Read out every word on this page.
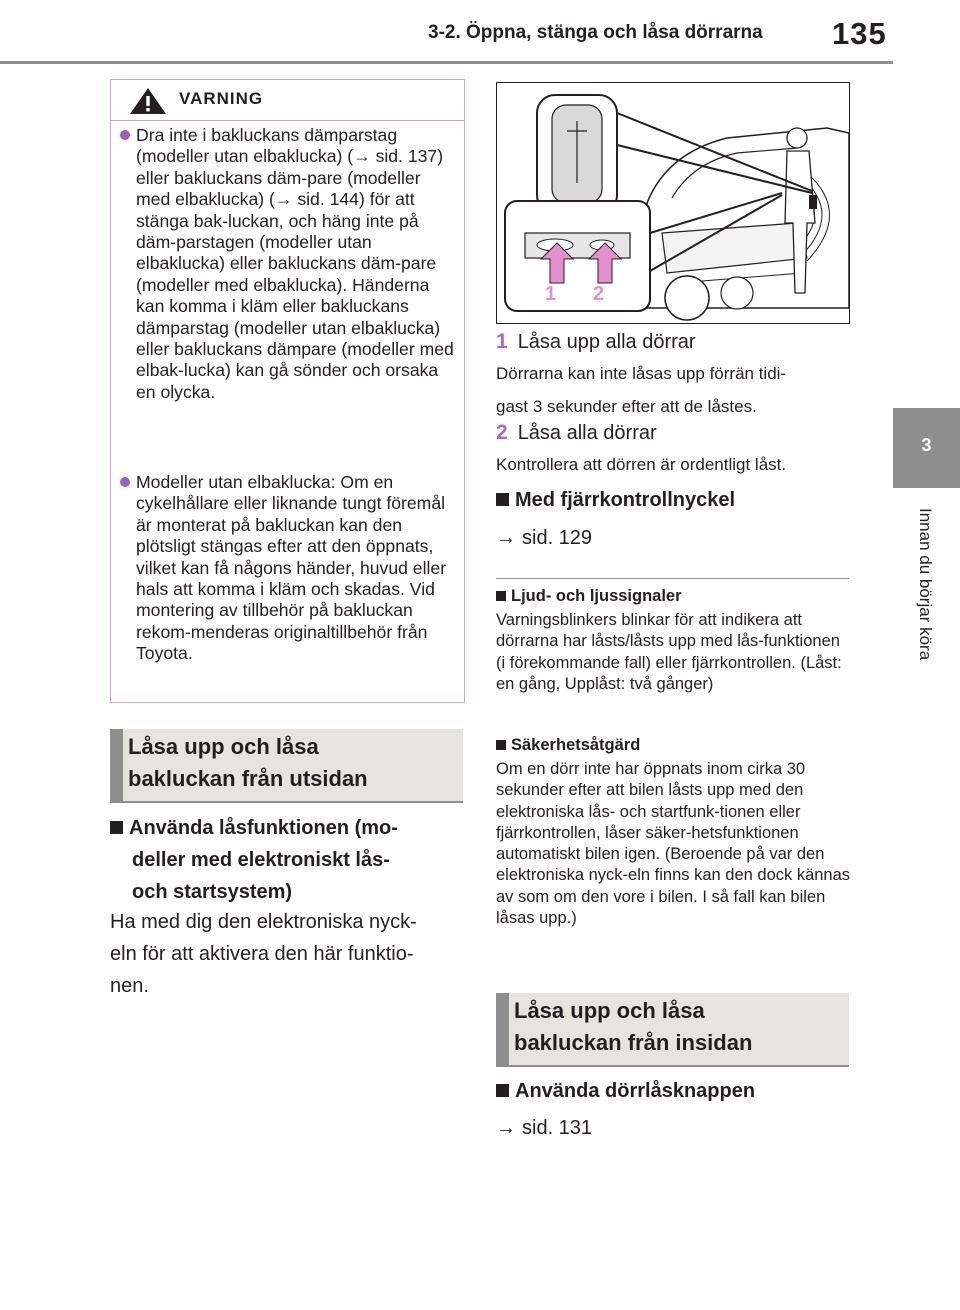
3-2. Öppna, stänga och låsa dörrarna 135
3
Innan du börjar köra
VARNING
Dra inte i bakluckans dämparstag (modeller utan elbaklucka) (→ sid. 137) eller bakluckans däm-pare (modeller med elbaklucka) (→ sid. 144) för att stänga bak-luckan, och häng inte på däm-parstagen (modeller utan elbaklucka) eller bakluckans däm-pare (modeller med elbaklucka). Händerna kan komma i kläm eller bakluckans dämparstag (modeller utan elbaklucka) eller bakluckans dämpare (modeller med elbak-lucka) kan gå sönder och orsaka en olycka.
Modeller utan elbaklucka: Om en cykelhållare eller liknande tungt föremål är monterat på bakluckan kan den plötsligt stängas efter att den öppnats, vilket kan få någons händer, huvud eller hals att komma i kläm och skadas. Vid montering av tillbehör på bakluckan rekom-menderas originaltillbehör från Toyota.
Låsa upp och låsa
bakluckan från utsidan
Använda låsfunktionen (mo-
deller med elektroniskt lås-
och startsystem)
Ha med dig den elektroniska nyck-
eln för att aktivera den här funktio-
nen.
1 2
1 Låsa upp alla dörrar
Dörrarna kan inte låsas upp förrän tidi-
gast 3 sekunder efter att de låstes.
2 Låsa alla dörrar
Kontrollera att dörren är ordentligt låst.
Med fjärrkontrollnyckel
→ sid. 129
Ljud- och ljussignaler
Varningsblinkers blinkar för att indikera att dörrarna har låsts/låsts upp med lås-funktionen (i förekommande fall) eller fjärrkontrollen. (Låst: en gång, Upplåst: två gånger)
Säkerhetsåtgärd
Om en dörr inte har öppnats inom cirka 30 sekunder efter att bilen låsts upp med den elektroniska lås- och startfunk-tionen eller fjärrkontrollen, låser säker-hetsfunktionen automatiskt bilen igen. (Beroende på var den elektroniska nyck-eln finns kan den dock kännas av som om den vore i bilen. I så fall kan bilen låsas upp.)
Låsa upp och låsa
bakluckan från insidan
Använda dörrlåsknappen
→ sid. 131
